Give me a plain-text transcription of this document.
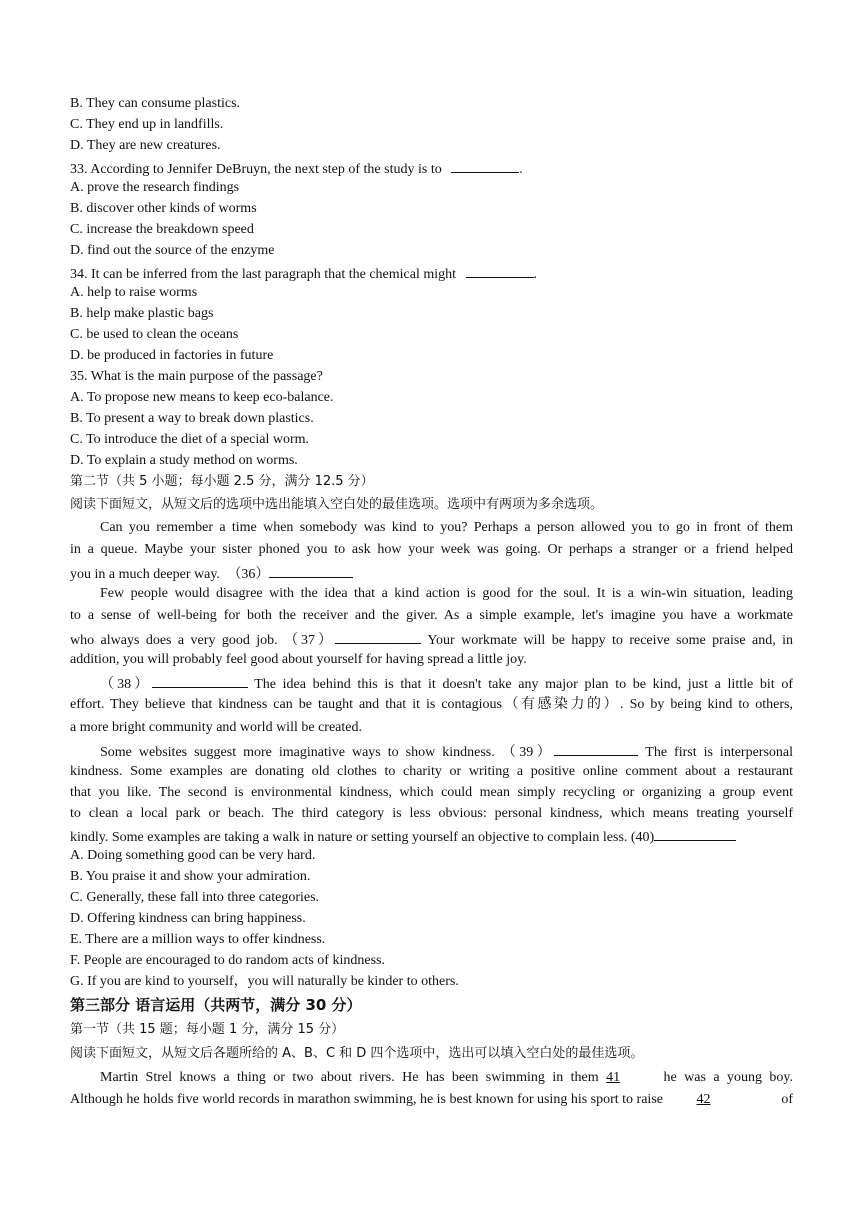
B. They can consume plastics.
C. They end up in landfills.
D. They are new creatures.
33. According to Jennifer DeBruyn, the next step of the study is to	.
A. prove the research findings
B. discover other kinds of worms
C. increase the breakdown speed
D. find out the source of the enzyme
34. It can be inferred from the last paragraph that the chemical might	.
A. help to raise worms
B. help make plastic bags
C. be used to clean the oceans
D. be produced in factories in future
35. What is the main purpose of the passage?
A. To propose new means to keep eco-balance.
B. To present a way to break down plastics.
C. To introduce the diet of a special worm.
D. To explain a study method on worms.
第二节（共 5 小题；每小题 2.5 分，满分 12.5 分）
阅读下面短文，从短文后的选项中选出能填入空白处的最佳选项。选项中有两项为多余选项。
Can you remember a time when somebody was kind to you? Perhaps a person allowed you to go in front of them
in a queue. Maybe your sister phoned you to ask how your week was going. Or perhaps a stranger or a friend helped
you in a much deeper way. （36）
Few people would disagree with the idea that a kind action is good for the soul. It is a win-win situation, leading
to a sense of well-being for both the receiver and the giver. As a simple example, let's imagine you have a workmate
who always does a very good job. （37）	Your workmate will be happy to receive some praise and, in
addition, you will probably feel good about yourself for having spread a little joy.
（38）	The idea behind this is that it doesn't take any major plan to be kind, just a little bit of
effort. They believe that kindness can be taught and that it is contagious（有感染力的）. So by being kind to others,
a more bright community and world will be created.
Some websites suggest more imaginative ways to show kindness. （39）	The first is interpersonal
kindness. Some examples are donating old clothes to charity or writing a positive online comment about a restaurant
that you like. The second is environmental kindness, which could mean simply recycling or organizing a group event
to clean a local park or beach. The third category is less obvious: personal kindness, which means treating yourself
kindly. Some examples are taking a walk in nature or setting yourself an objective to complain less. (40)
A. Doing something good can be very hard.
B. You praise it and show your admiration.
C. Generally, these fall into three categories.
D. Offering kindness can bring happiness.
E. There are a million ways to offer kindness.
F. People are encouraged to do random acts of kindness.
G. If you are kind to yourself，you will naturally be kinder to others.
第三部分 语言运用（共两节，满分 30 分）
第一节（共 15 题；每小题 1 分，满分 15 分）
阅读下面短文，从短文后各题所给的 A、B、C 和 D 四个选项中，选出可以填入空白处的最佳选项。
Martin Strel knows a thing or two about rivers. He has been swimming in them 41	he was a young boy.
Although he holds five world records in marathon swimming, he is best known for using his sport to raise 42	of
